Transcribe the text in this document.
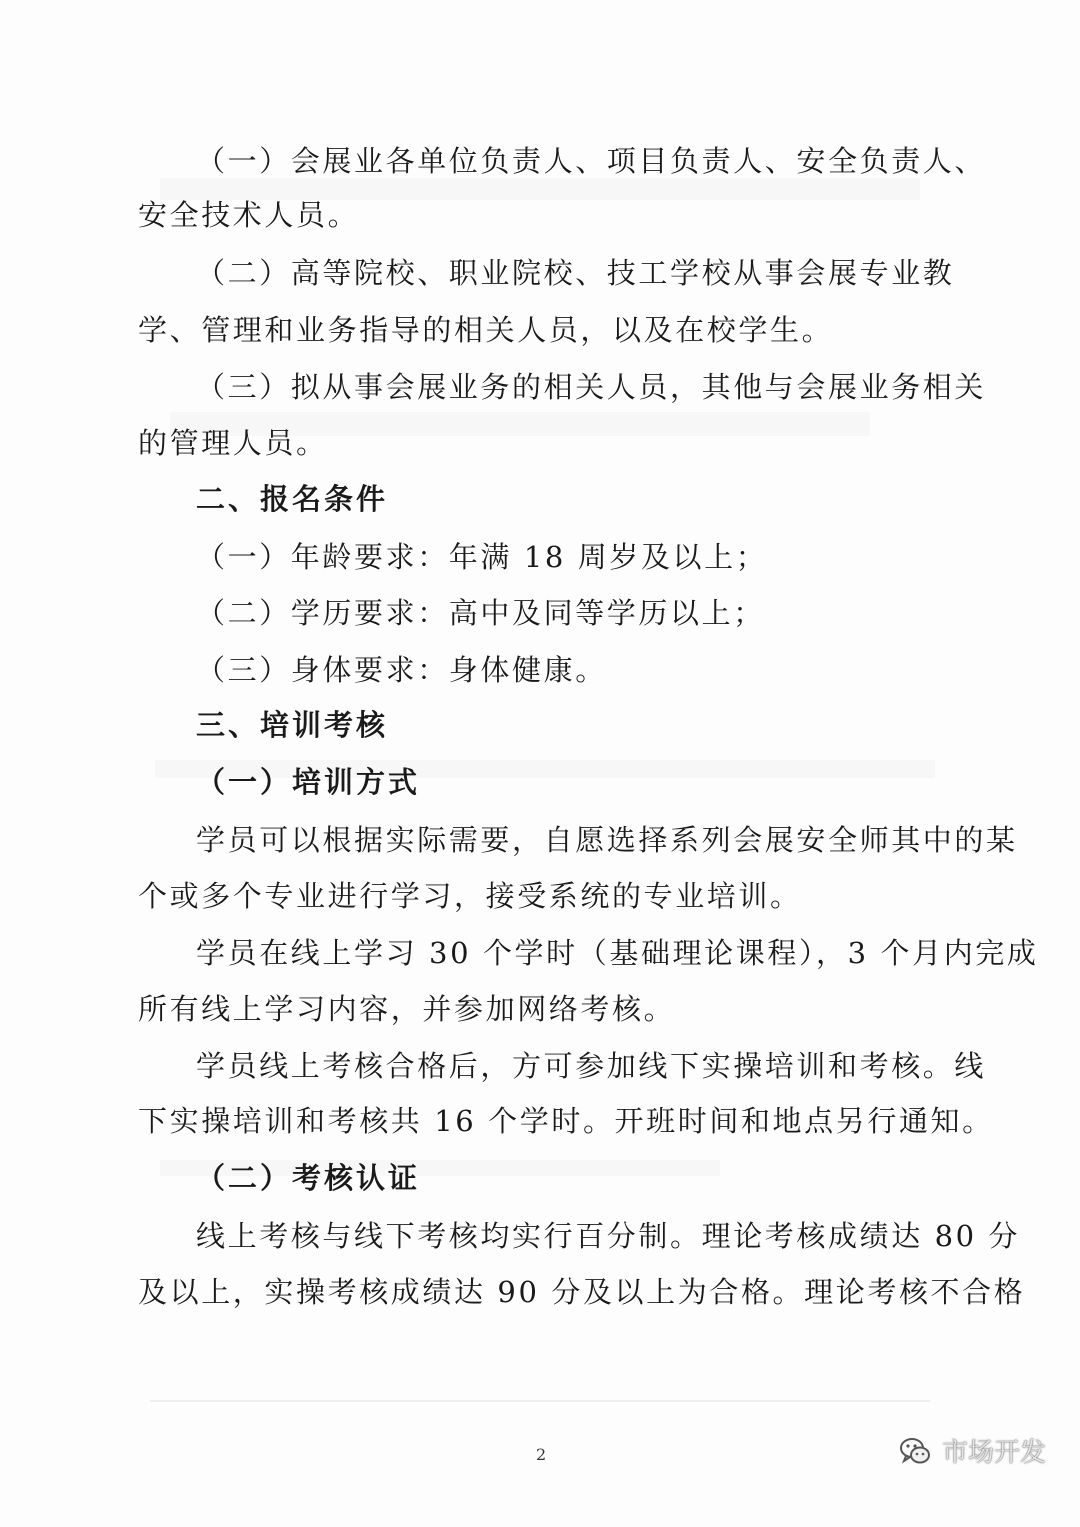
（一）会展业各单位负责人、项目负责人、安全负责人、
安全技术人员。
（二）高等院校、职业院校、技工学校从事会展专业教
学、管理和业务指导的相关人员，以及在校学生。
（三）拟从事会展业务的相关人员，其他与会展业务相关
的管理人员。
二、报名条件
（一）年龄要求：年满 18 周岁及以上；
（二）学历要求：高中及同等学历以上；
（三）身体要求：身体健康。
三、培训考核
（一）培训方式
学员可以根据实际需要，自愿选择系列会展安全师其中的某
个或多个专业进行学习，接受系统的专业培训。
学员在线上学习 30 个学时（基础理论课程），3 个月内完成
所有线上学习内容，并参加网络考核。
学员线上考核合格后，方可参加线下实操培训和考核。线
下实操培训和考核共 16 个学时。开班时间和地点另行通知。
（二）考核认证
线上考核与线下考核均实行百分制。理论考核成绩达 80 分
及以上，实操考核成绩达 90 分及以上为合格。理论考核不合格
2	市场开发
